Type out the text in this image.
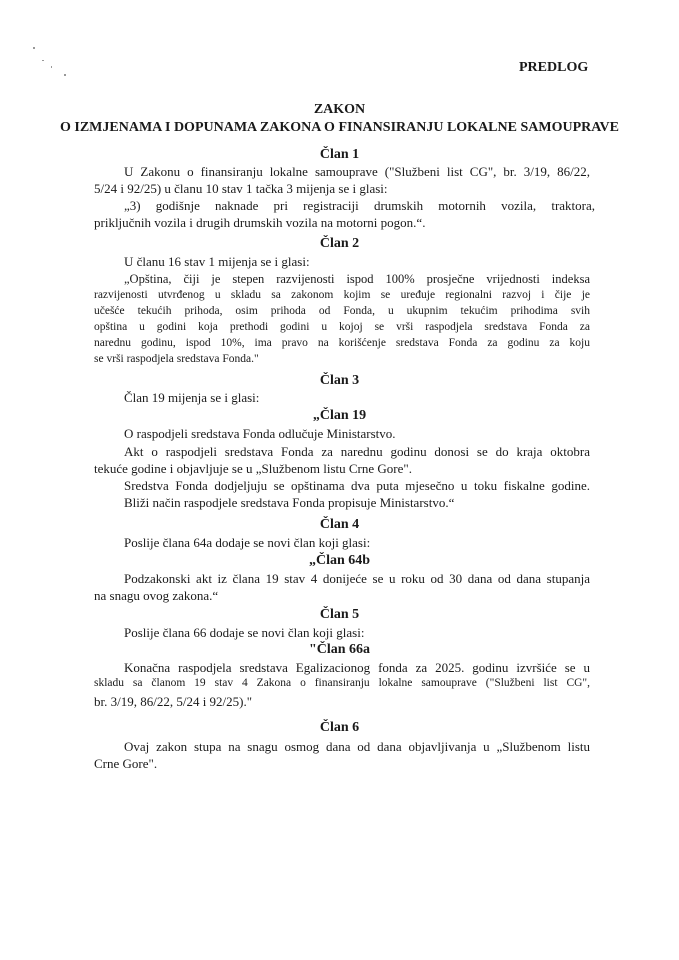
PREDLOG
ZAKON
O IZMJENAMA I DOPUNAMA ZAKONA O FINANSIRANJU LOKALNE SAMOUPRAVE
Član 1
U Zakonu o finansiranju lokalne samouprave ("Službeni list CG", br. 3/19, 86/22,
5/24 i 92/25) u članu 10 stav 1 tačka 3 mijenja se i glasi:
„3) godišnje naknade pri registraciji drumskih motornih vozila, traktora,
priključnih vozila i drugih drumskih vozila na motorni pogon.“.
Član 2
U članu 16 stav 1 mijenja se i glasi:
„Opština, čiji je stepen razvijenosti ispod 100% prosječne vrijednosti indeksa
razvijenosti utvrđenog u skladu sa zakonom kojim se uređuje regionalni razvoj i čije je
učešće tekućih prihoda, osim prihoda od Fonda, u ukupnim tekućim prihodima svih
opština u godini koja prethodi godini u kojoj se vrši raspodjela sredstava Fonda za
narednu godinu, ispod 10%, ima pravo na korišćenje sredstava Fonda za godinu za koju
se vrši raspodjela sredstava Fonda."
Član 3
Član 19 mijenja se i glasi:
„Član 19
O raspodjeli sredstava Fonda odlučuje Ministarstvo.
Akt o raspodjeli sredstava Fonda za narednu godinu donosi se do kraja oktobra
tekuće godine i objavljuje se u „Službenom listu Crne Gore".
Sredstva Fonda dodjeljuju se opštinama dva puta mjesečno u toku fiskalne godine.
Bliži način raspodjele sredstava Fonda propisuje Ministarstvo.“
Član 4
Poslije člana 64a dodaje se novi član koji glasi:
„Član 64b
Podzakonski akt iz člana 19 stav 4 donijeće se u roku od 30 dana od dana stupanja
na snagu ovog zakona.“
Član 5
Poslije člana 66 dodaje se novi član koji glasi:
"Član 66a
Konačna raspodjela sredstava Egalizacionog fonda za 2025. godinu izvršiće se u
skladu sa članom 19 stav 4 Zakona o finansiranju lokalne samouprave ("Službeni list CG",
br. 3/19, 86/22, 5/24 i 92/25)."
Član 6
Ovaj zakon stupa na snagu osmog dana od dana objavljivanja u „Službenom listu
Crne Gore".
